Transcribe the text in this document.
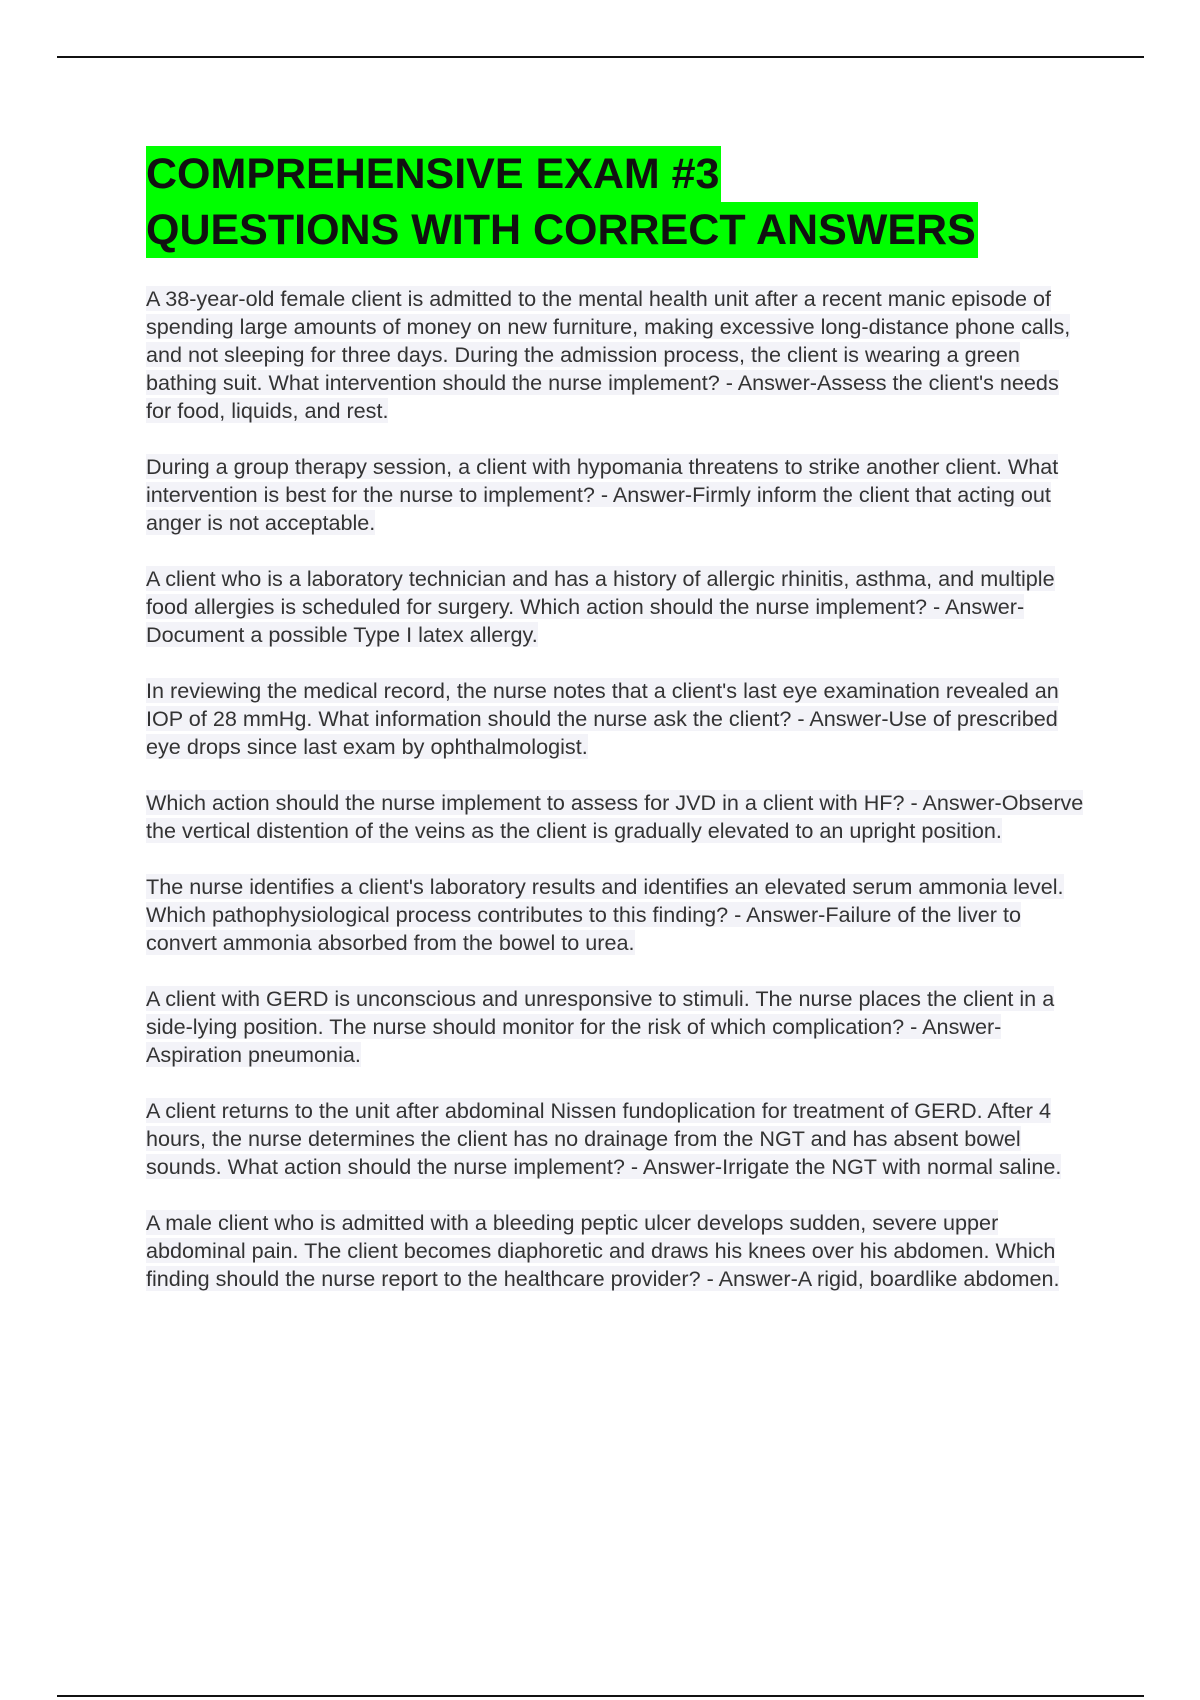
COMPREHENSIVE EXAM #3
QUESTIONS WITH CORRECT ANSWERS

A 38-year-old female client is admitted to the mental health unit after a recent manic episode of spending large amounts of money on new furniture, making excessive long-distance phone calls, and not sleeping for three days. During the admission process, the client is wearing a green bathing suit. What intervention should the nurse implement? - Answer-Assess the client's needs for food, liquids, and rest.

During a group therapy session, a client with hypomania threatens to strike another client. What intervention is best for the nurse to implement? - Answer-Firmly inform the client that acting out anger is not acceptable.

A client who is a laboratory technician and has a history of allergic rhinitis, asthma, and multiple food allergies is scheduled for surgery. Which action should the nurse implement? - Answer-Document a possible Type I latex allergy.

In reviewing the medical record, the nurse notes that a client's last eye examination revealed an IOP of 28 mmHg. What information should the nurse ask the client? - Answer-Use of prescribed eye drops since last exam by ophthalmologist.

Which action should the nurse implement to assess for JVD in a client with HF? - Answer-Observe the vertical distention of the veins as the client is gradually elevated to an upright position.

The nurse identifies a client's laboratory results and identifies an elevated serum ammonia level. Which pathophysiological process contributes to this finding? - Answer-Failure of the liver to convert ammonia absorbed from the bowel to urea.

A client with GERD is unconscious and unresponsive to stimuli. The nurse places the client in a side-lying position. The nurse should monitor for the risk of which complication? - Answer-Aspiration pneumonia.

A client returns to the unit after abdominal Nissen fundoplication for treatment of GERD. After 4 hours, the nurse determines the client has no drainage from the NGT and has absent bowel sounds. What action should the nurse implement? - Answer-Irrigate the NGT with normal saline.

A male client who is admitted with a bleeding peptic ulcer develops sudden, severe upper abdominal pain. The client becomes diaphoretic and draws his knees over his abdomen. Which finding should the nurse report to the healthcare provider? - Answer-A rigid, boardlike abdomen.
